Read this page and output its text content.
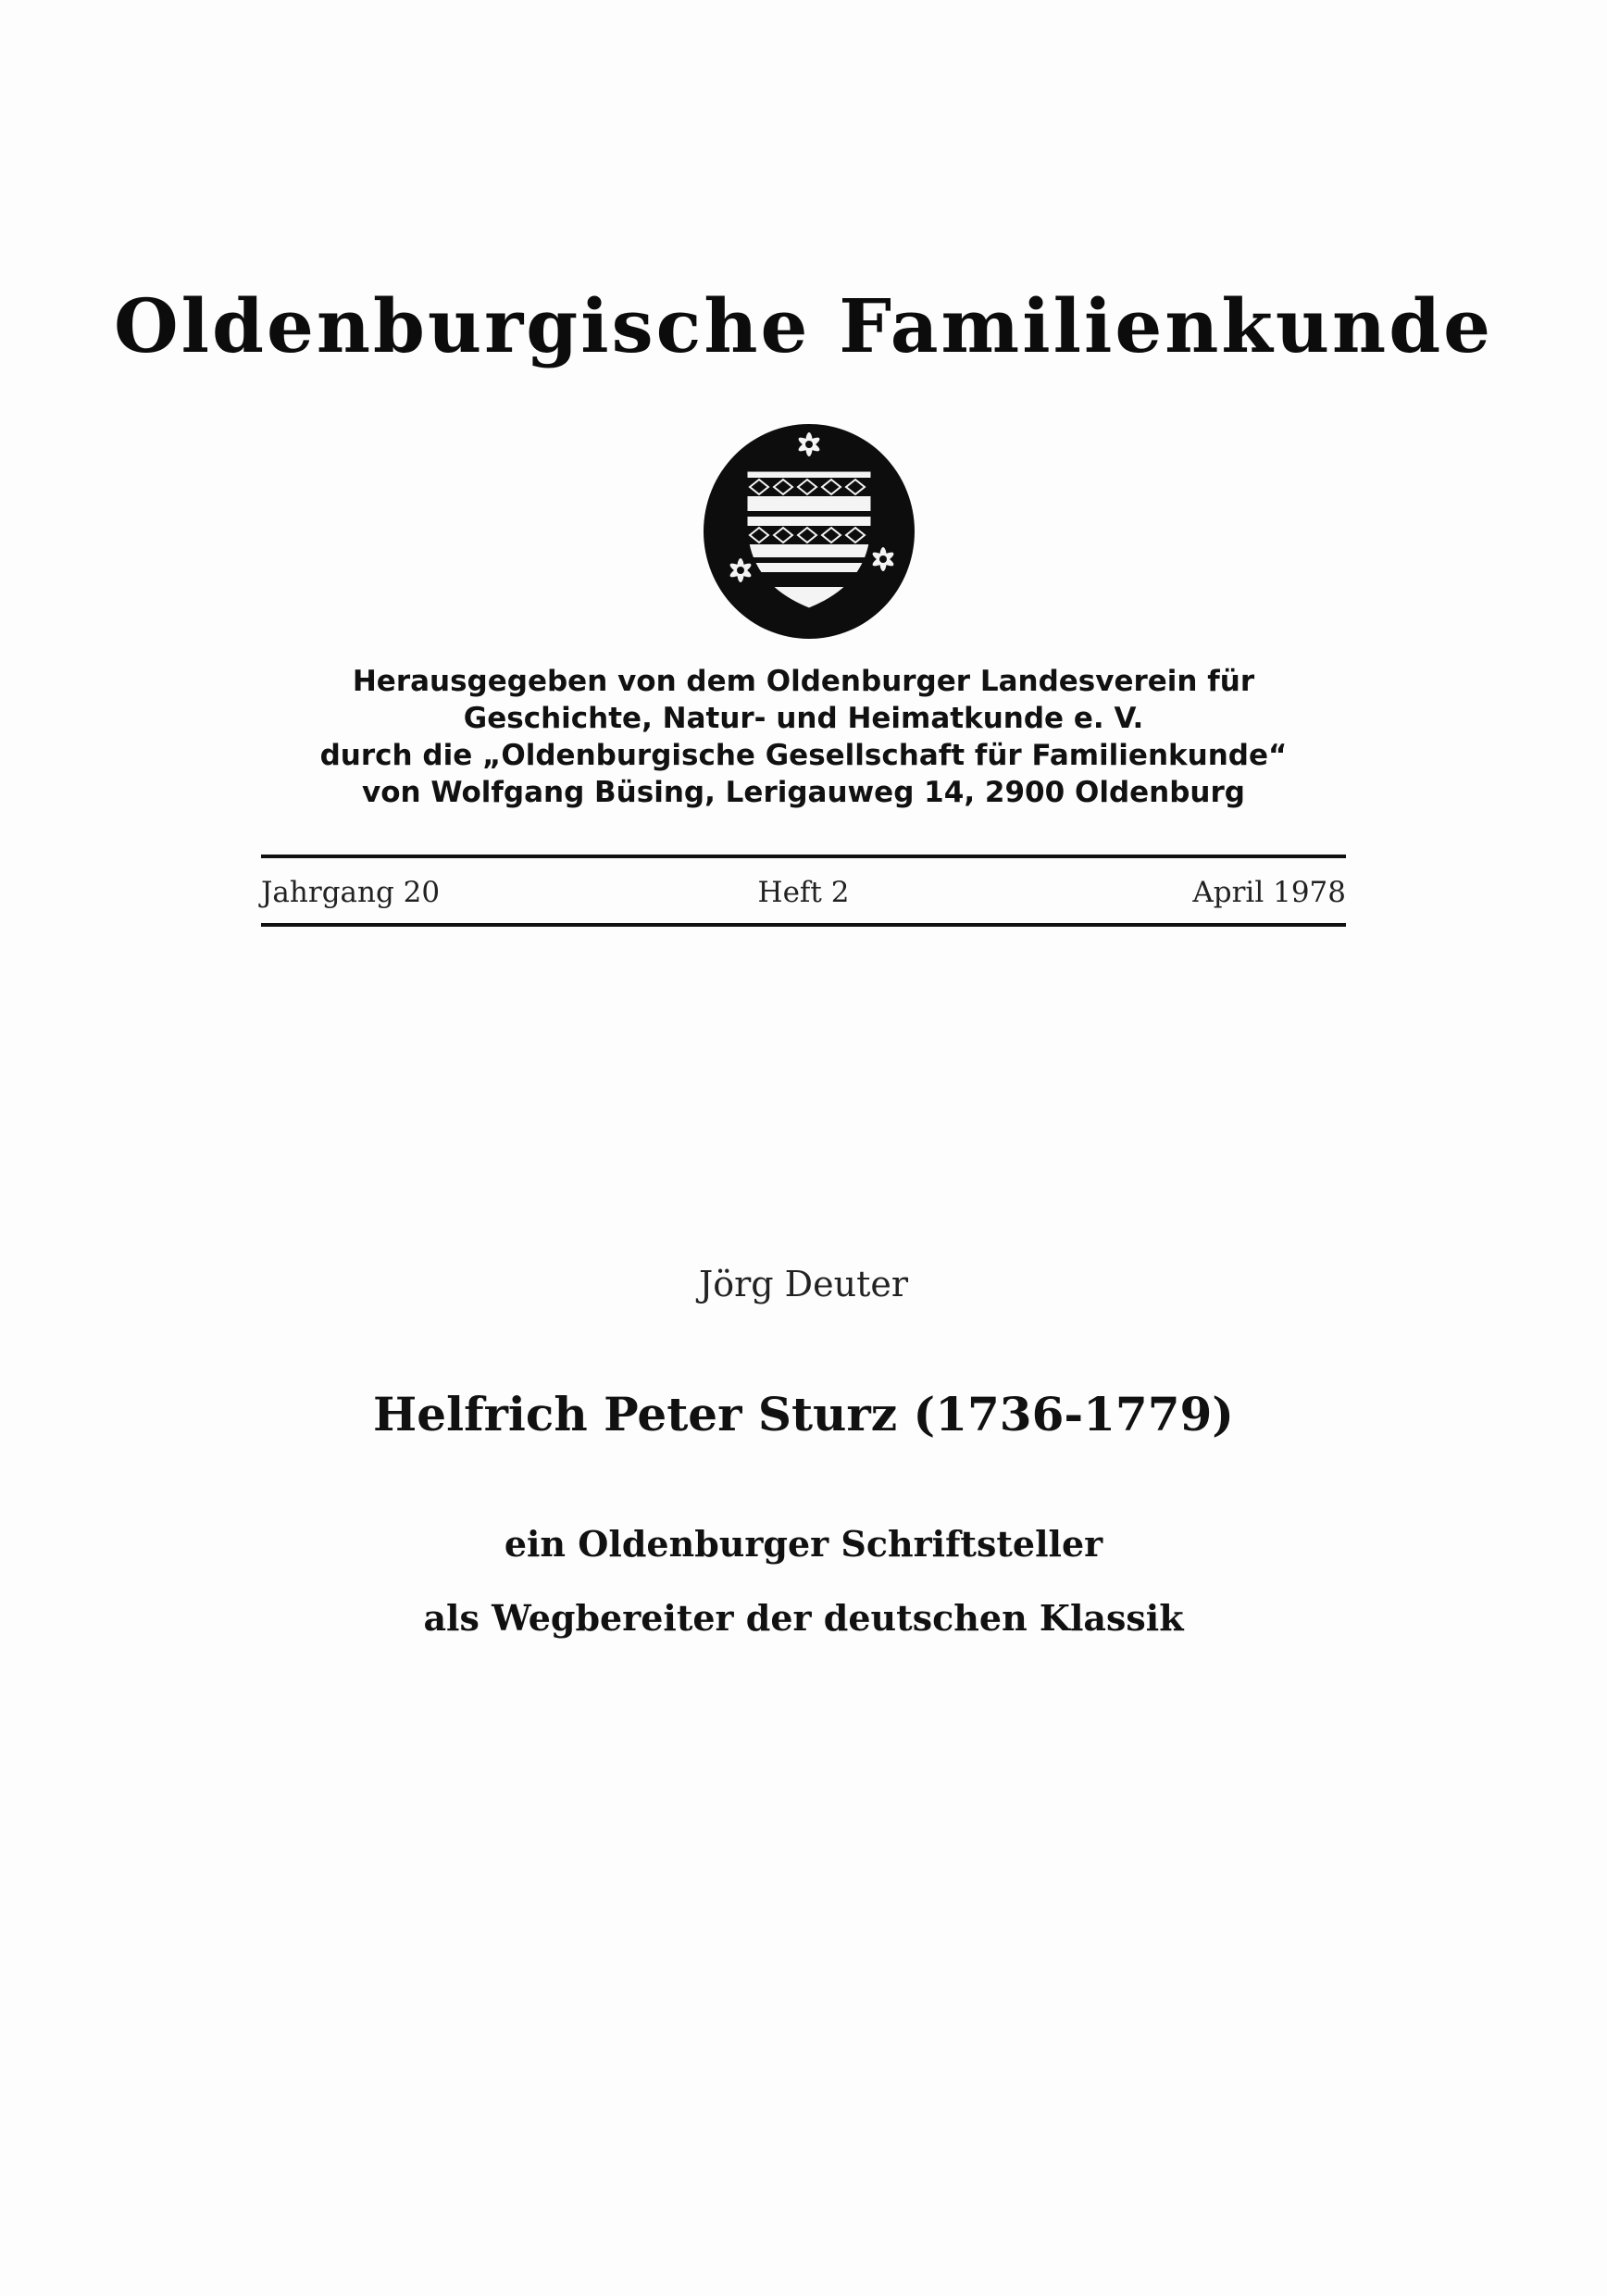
Oldenburgische Familienkunde
Herausgegeben von dem Oldenburger Landesverein für
Geschichte, Natur- und Heimatkunde e. V.
durch die „Oldenburgische Gesellschaft für Familienkunde“
von Wolfgang Büsing, Lerigauweg 14, 2900 Oldenburg
Jahrgang 20	Heft 2	April 1978
Jörg Deuter
Helfrich Peter Sturz (1736-1779)
ein Oldenburger Schriftsteller
als Wegbereiter der deutschen Klassik
